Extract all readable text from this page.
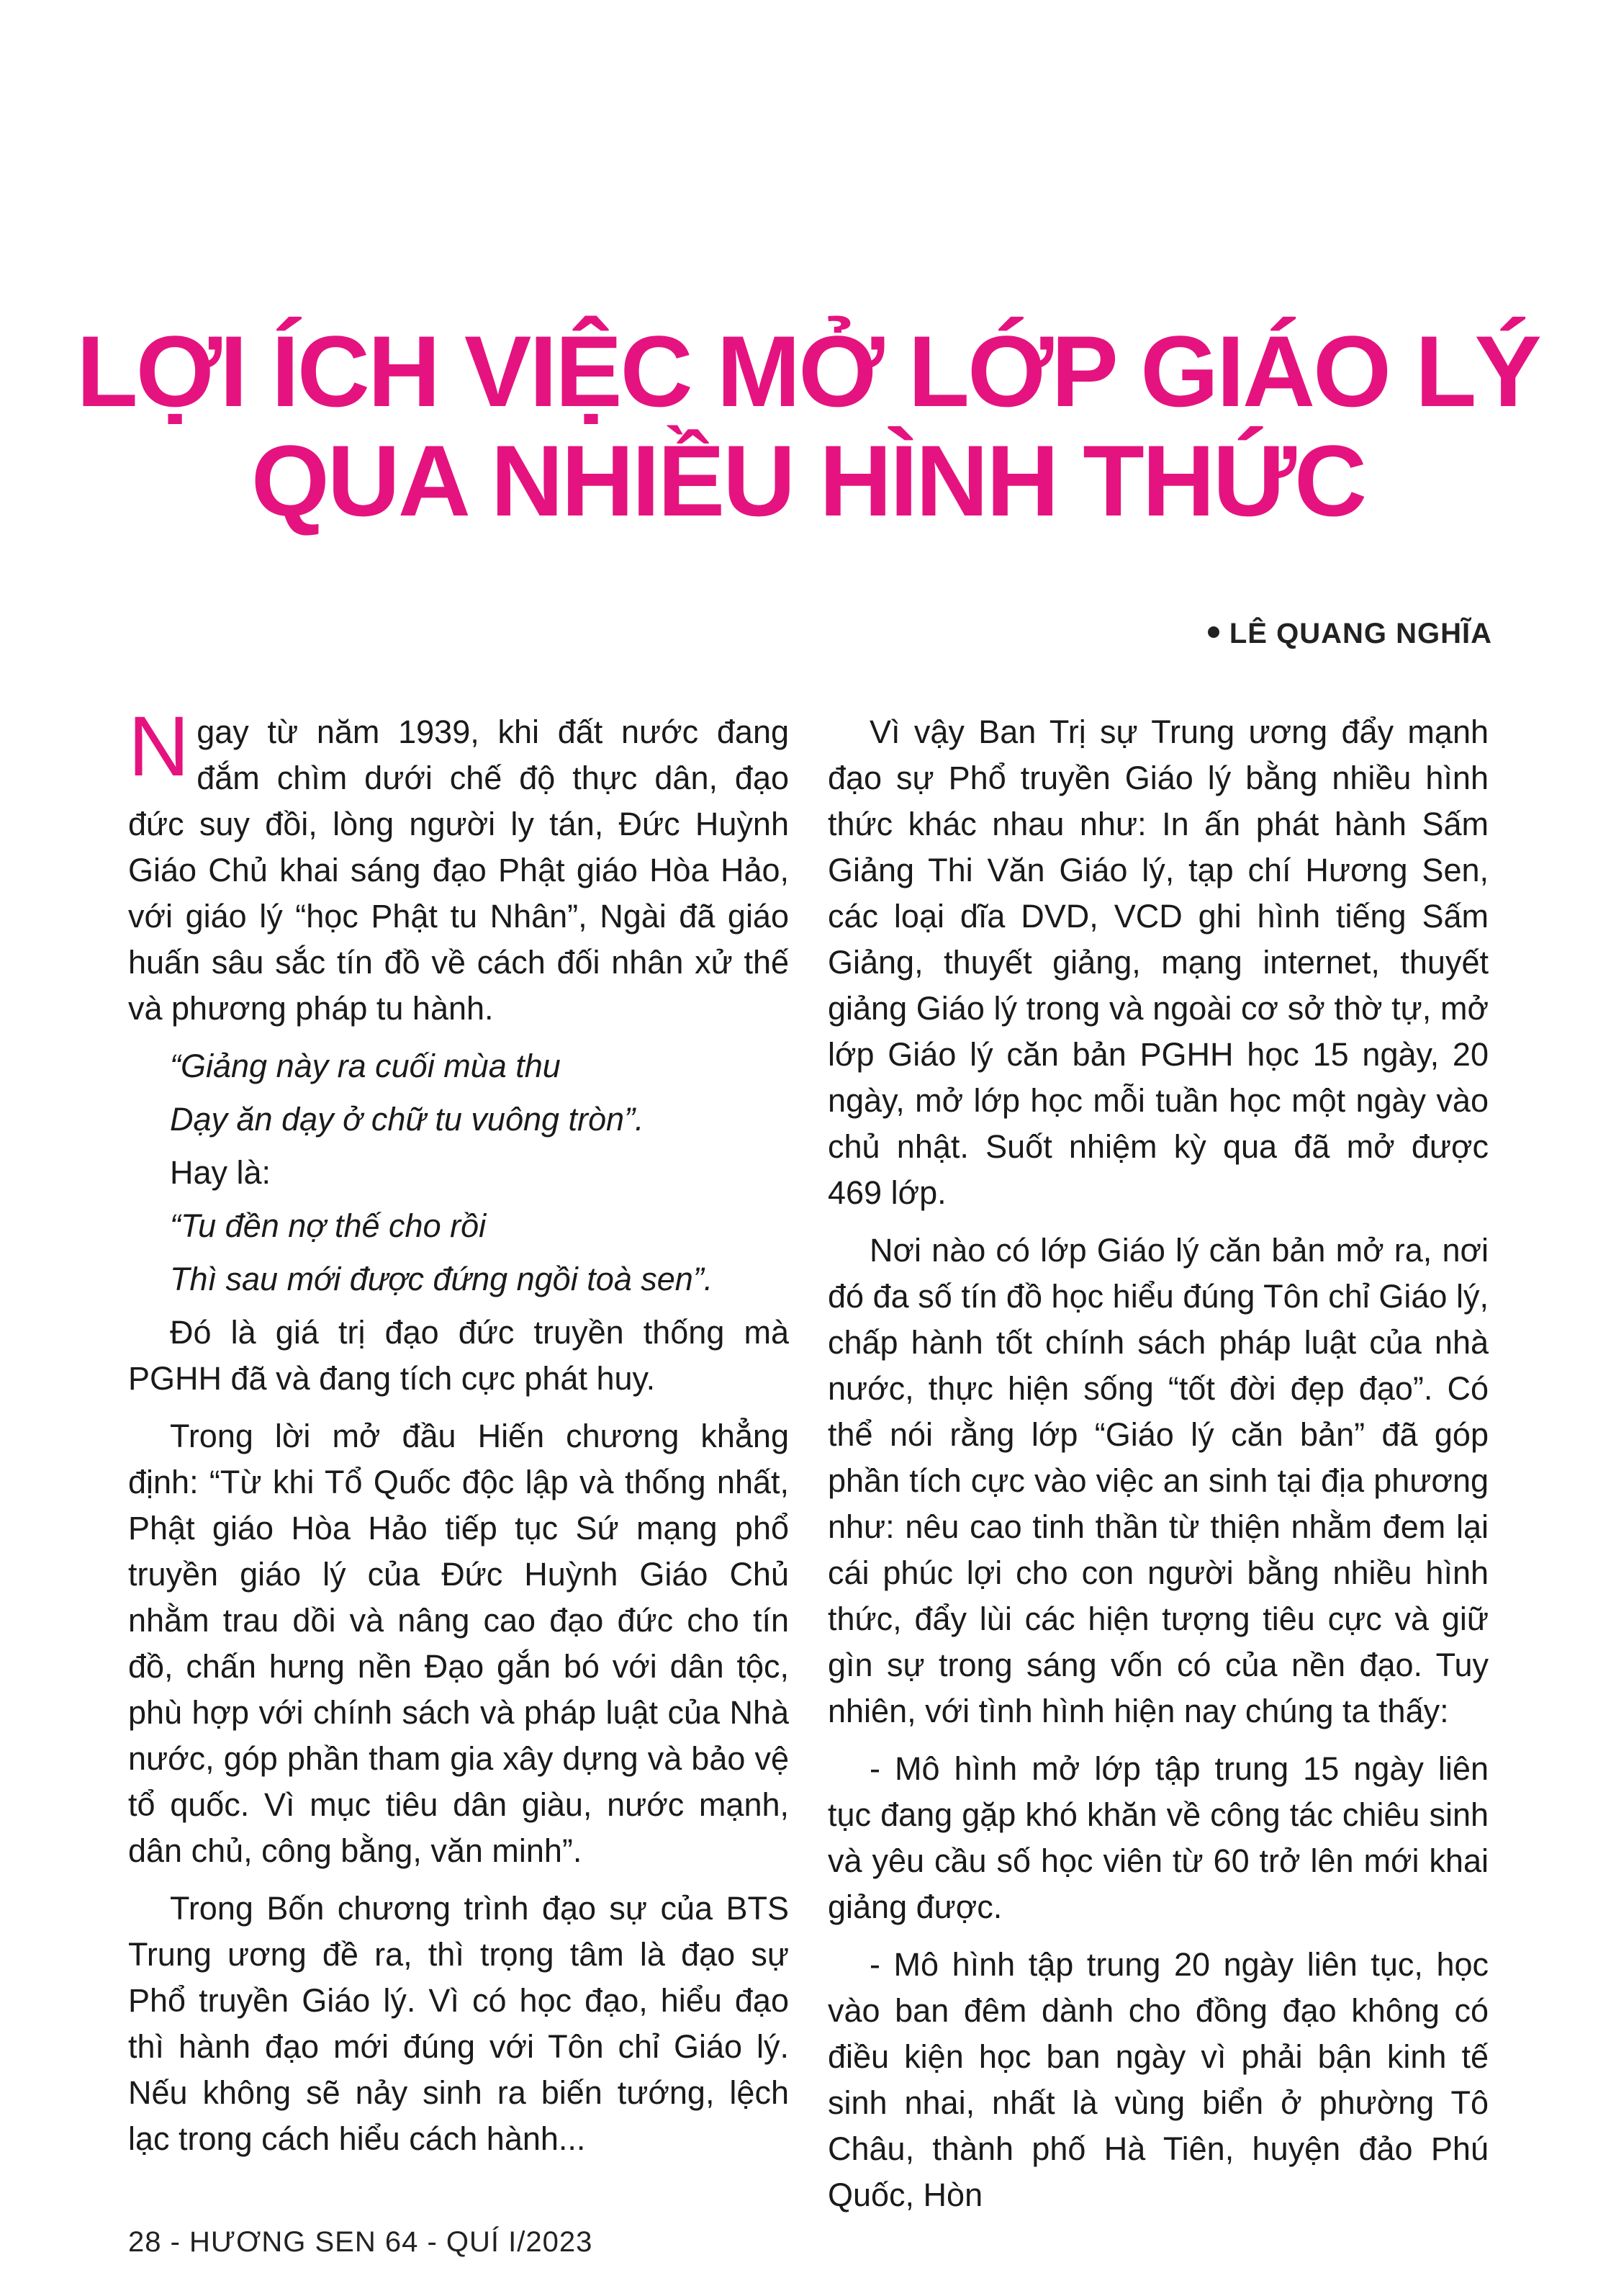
LỢI ÍCH VIỆC MỞ LỚP GIÁO LÝ
QUA NHIỀU HÌNH THỨC
LÊ QUANG NGHĨA

Ngay từ năm 1939, khi đất nước đang đắm chìm dưới chế độ thực dân, đạo đức suy đồi, lòng người ly tán, Đức Huỳnh Giáo Chủ khai sáng đạo Phật giáo Hòa Hảo, với giáo lý “học Phật tu Nhân”, Ngài đã giáo huấn sâu sắc tín đồ về cách đối nhân xử thế và phương pháp tu hành.

“Giảng này ra cuối mùa thu

Dạy ăn dạy ở chữ tu vuông tròn”.

Hay là:

“Tu đền nợ thế cho rồi

Thì sau mới được đứng ngồi toà sen”.

Đó là giá trị đạo đức truyền thống mà PGHH đã và đang tích cực phát huy.

Trong lời mở đầu Hiến chương khẳng định: “Từ khi Tổ Quốc độc lập và thống nhất, Phật giáo Hòa Hảo tiếp tục Sứ mạng phổ truyền giáo lý của Đức Huỳnh Giáo Chủ nhằm trau dồi và nâng cao đạo đức cho tín đồ, chấn hưng nền Đạo gắn bó với dân tộc, phù hợp với chính sách và pháp luật của Nhà nước, góp phần tham gia xây dựng và bảo vệ tổ quốc. Vì mục tiêu dân giàu, nước mạnh, dân chủ, công bằng, văn minh”.

Trong Bốn chương trình đạo sự của BTS Trung ương đề ra, thì trọng tâm là đạo sự Phổ truyền Giáo lý. Vì có học đạo, hiểu đạo thì hành đạo mới đúng với Tôn chỉ Giáo lý. Nếu không sẽ nảy sinh ra biến tướng, lệch lạc trong cách hiểu cách hành...

Vì vậy Ban Trị sự Trung ương đẩy mạnh đạo sự Phổ truyền Giáo lý bằng nhiều hình thức khác nhau như: In ấn phát hành Sấm Giảng Thi Văn Giáo lý, tạp chí Hương Sen, các loại dĩa DVD, VCD ghi hình tiếng Sấm Giảng, thuyết giảng, mạng internet, thuyết giảng Giáo lý trong và ngoài cơ sở thờ tự, mở lớp Giáo lý căn bản PGHH học 15 ngày, 20 ngày, mở lớp học mỗi tuần học một ngày vào chủ nhật. Suốt nhiệm kỳ qua đã mở được 469 lớp.

Nơi nào có lớp Giáo lý căn bản mở ra, nơi đó đa số tín đồ học hiểu đúng Tôn chỉ Giáo lý, chấp hành tốt chính sách pháp luật của nhà nước, thực hiện sống “tốt đời đẹp đạo”. Có thể nói rằng lớp “Giáo lý căn bản” đã góp phần tích cực vào việc an sinh tại địa phương như: nêu cao tinh thần từ thiện nhằm đem lại cái phúc lợi cho con người bằng nhiều hình thức, đẩy lùi các hiện tượng tiêu cực và giữ gìn sự trong sáng vốn có của nền đạo. Tuy nhiên, với tình hình hiện nay chúng ta thấy:

- Mô hình mở lớp tập trung 15 ngày liên tục đang gặp khó khăn về công tác chiêu sinh và yêu cầu số học viên từ 60 trở lên mới khai giảng được.

- Mô hình tập trung 20 ngày liên tục, học vào ban đêm dành cho đồng đạo không có điều kiện học ban ngày vì phải bận kinh tế sinh nhai, nhất là vùng biển ở phường Tô Châu, thành phố Hà Tiên, huyện đảo Phú Quốc, Hòn

28 - HƯƠNG SEN 64 - QUÍ I/2023
